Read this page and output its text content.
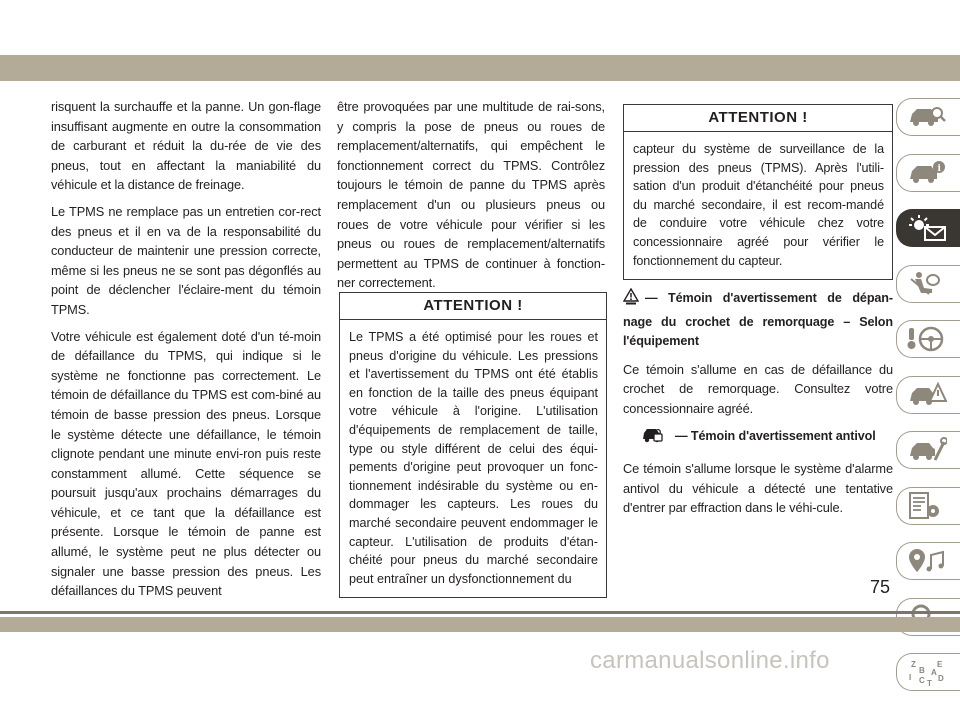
risquent la surchauffe et la panne. Un gon-flage insuffisant augmente en outre la consommation de carburant et réduit la du-rée de vie des pneus, tout en affectant la maniabilité du véhicule et la distance de freinage.

Le TPMS ne remplace pas un entretien cor-rect des pneus et il en va de la responsabilité du conducteur de maintenir une pression correcte, même si les pneus ne se sont pas dégonflés au point de déclencher l'éclaire-ment du témoin TPMS.

Votre véhicule est également doté d'un té-moin de défaillance du TPMS, qui indique si le système ne fonctionne pas correctement. Le témoin de défaillance du TPMS est com-biné au témoin de basse pression des pneus. Lorsque le système détecte une défaillance, le témoin clignote pendant une minute envi-ron puis reste constamment allumé. Cette séquence se poursuit jusqu'aux prochains démarrages du véhicule, et ce tant que la défaillance est présente. Lorsque le témoin de panne est allumé, le système peut ne plus détecter ou signaler une basse pression des pneus. Les défaillances du TPMS peuvent

être provoquées par une multitude de rai-sons, y compris la pose de pneus ou roues de remplacement/alternatifs, qui empêchent le fonctionnement correct du TPMS. Contrôlez toujours le témoin de panne du TPMS après remplacement d'un ou plusieurs pneus ou roues de votre véhicule pour vérifier si les pneus ou roues de remplacement/alternatifs permettent au TPMS de continuer à fonction-ner correctement.

ATTENTION !
Le TPMS a été optimisé pour les roues et pneus d'origine du véhicule. Les pressions et l'avertissement du TPMS ont été établis en fonction de la taille des pneus équipant votre véhicule à l'origine. L'utilisation d'équipements de remplacement de taille, type ou style différent de celui des équi-pements d'origine peut provoquer un fonc-tionnement indésirable du système ou en-dommager les capteurs. Les roues du marché secondaire peuvent endommager le capteur. L'utilisation de produits d'étan-chéité pour pneus du marché secondaire peut entraîner un dysfonctionnement du
ATTENTION !
capteur du système de surveillance de la pression des pneus (TPMS). Après l'utili-sation d'un produit d'étanchéité pour pneus du marché secondaire, il est recom-mandé de conduire votre véhicule chez votre concessionnaire agréé pour vérifier le fonctionnement du capteur.
— Témoin d'avertissement de dépan-nage du crochet de remorquage – Selon l'équipement

Ce témoin s'allume en cas de défaillance du crochet de remorquage. Consultez votre concessionnaire agréé.

— Témoin d'avertissement antivol

Ce témoin s'allume lorsque le système d'alarme antivol du véhicule a détecté une tentative d'entrer par effraction dans le véhi-cule.

i
Z	E
B A
I C D
T
75
carmanualsonline.info
